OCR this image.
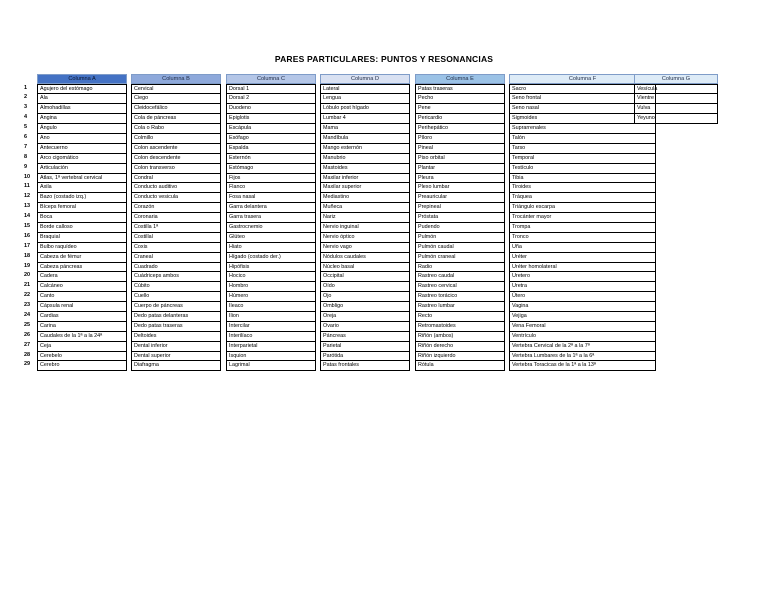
PARES PARTICULARES: PUNTOS Y RESONANCIAS
1
2
3
4
5
6
7
8
9
10
11
12
13
14
15
16
17
18
19
20
21
22
23
24
25
26
27
28
29
Columna A
Agujero del estómago
Ala
Almohadillas
Angina
Ángulo
Ano
Antecuerno
Arco cigomático
Articulación
Atlas, 1ª vertebral cervical
Axila
Bazo (costado izq.)
Bíceps femoral
Boca
Borde calloso
Braquial
Bulbo raquídeo
Cabeza de fémur
Cabeza páncreas
Cadera
Calcáneo
Canto
Cápsula renal
Cardias
Carina
Caudales de la 1ª a la 24ª
Ceja
Cerebelo
Cerebro
Columna B
Cervical
Ciego
Cleidocefálico
Cola de páncreas
Cola o Rabo
Colmillo
Colon ascendente
Colon descendente
Colon transverso
Condral
Conducto auditivo
Conducto vesicula
Corazón
Coronaria
Costilla 1ª
Costillal
Coxis
Craneal
Cuadrado
Cuádriceps ambos
Cúbito
Cuello
Cuerpo de páncreas
Dedo patas delanteras
Dedo patas traseras
Deltoides
Dental inferior
Dental superior
Diafragma
Columna C
Dorsal 1
Dorsal 2
Duodeno
Epiglotis
Escápula
Esófago
Espalda
Esternón
Estómago
Fijos
Flanco
Fosa nasal
Garra delantera
Garra trasera
Gastrocnemio
Glúteo
Hiato
Hígado (costado der.)
Hipófisis
Hocico
Hombro
Húmero
Ileaco
Ilion
Intercilar
Interilíaco
Interparietal
Isquion
Lagrimal
Columna D
Lateral
Lengua
Lóbulo post hígado
Lumbar 4
Mama
Mandíbula
Mango esternón
Manubrio
Mastoides
Maxilar inferior
Maxilar superior
Mediastino
Muñeca
Nariz
Nervio inguinal
Nervio óptico
Nervio vago
Nódulos caudales
Núcleo basal
Occipital
Oído
Ojo
Ombligo
Oreja
Ovario
Páncreas
Parietal
Parótida
Patas frontales
Columna E
Patas traseras
Pecho
Pene
Pericardio
Perihepático
Píloro
Pineal
Piso orbital
Plantar
Pleura
Plexo lumbar
Preauricular
Prepineal
Próstata
Pudendo
Pulmón
Pulmón caudal
Pulmón craneal
Radio
Rastreo caudal
Rastreo cervical
Rastreo torácico
Rastreo lumbar
Recto
Retromastoides
Riñón (ambos)
Riñón derecho
Riñón izquierdo
Rótula
Columna F
Sacro
Seno frontal
Seno nasal
Sigmoides
Suprarrenales
Talón
Tarso
Temporal
Testículo
Tibia
Tiroides
Tráquea
Triángulo escarpa
Trocánter mayor
Trompa
Tronco
Uña
Uréter
Uréter homolateral
Uretero
Uretra
Útero
Vagina
Vejiga
Vena Femoral
Ventrículo
Vertebra Cervical de la 2ª a la 7ª
Vertebra Lumbares de la 1ª a la 6ª
Vertebra Toracicas de la 1ª a la 13ª
Columna G
Vesícula
Vientre
Vulva
Yeyuno
